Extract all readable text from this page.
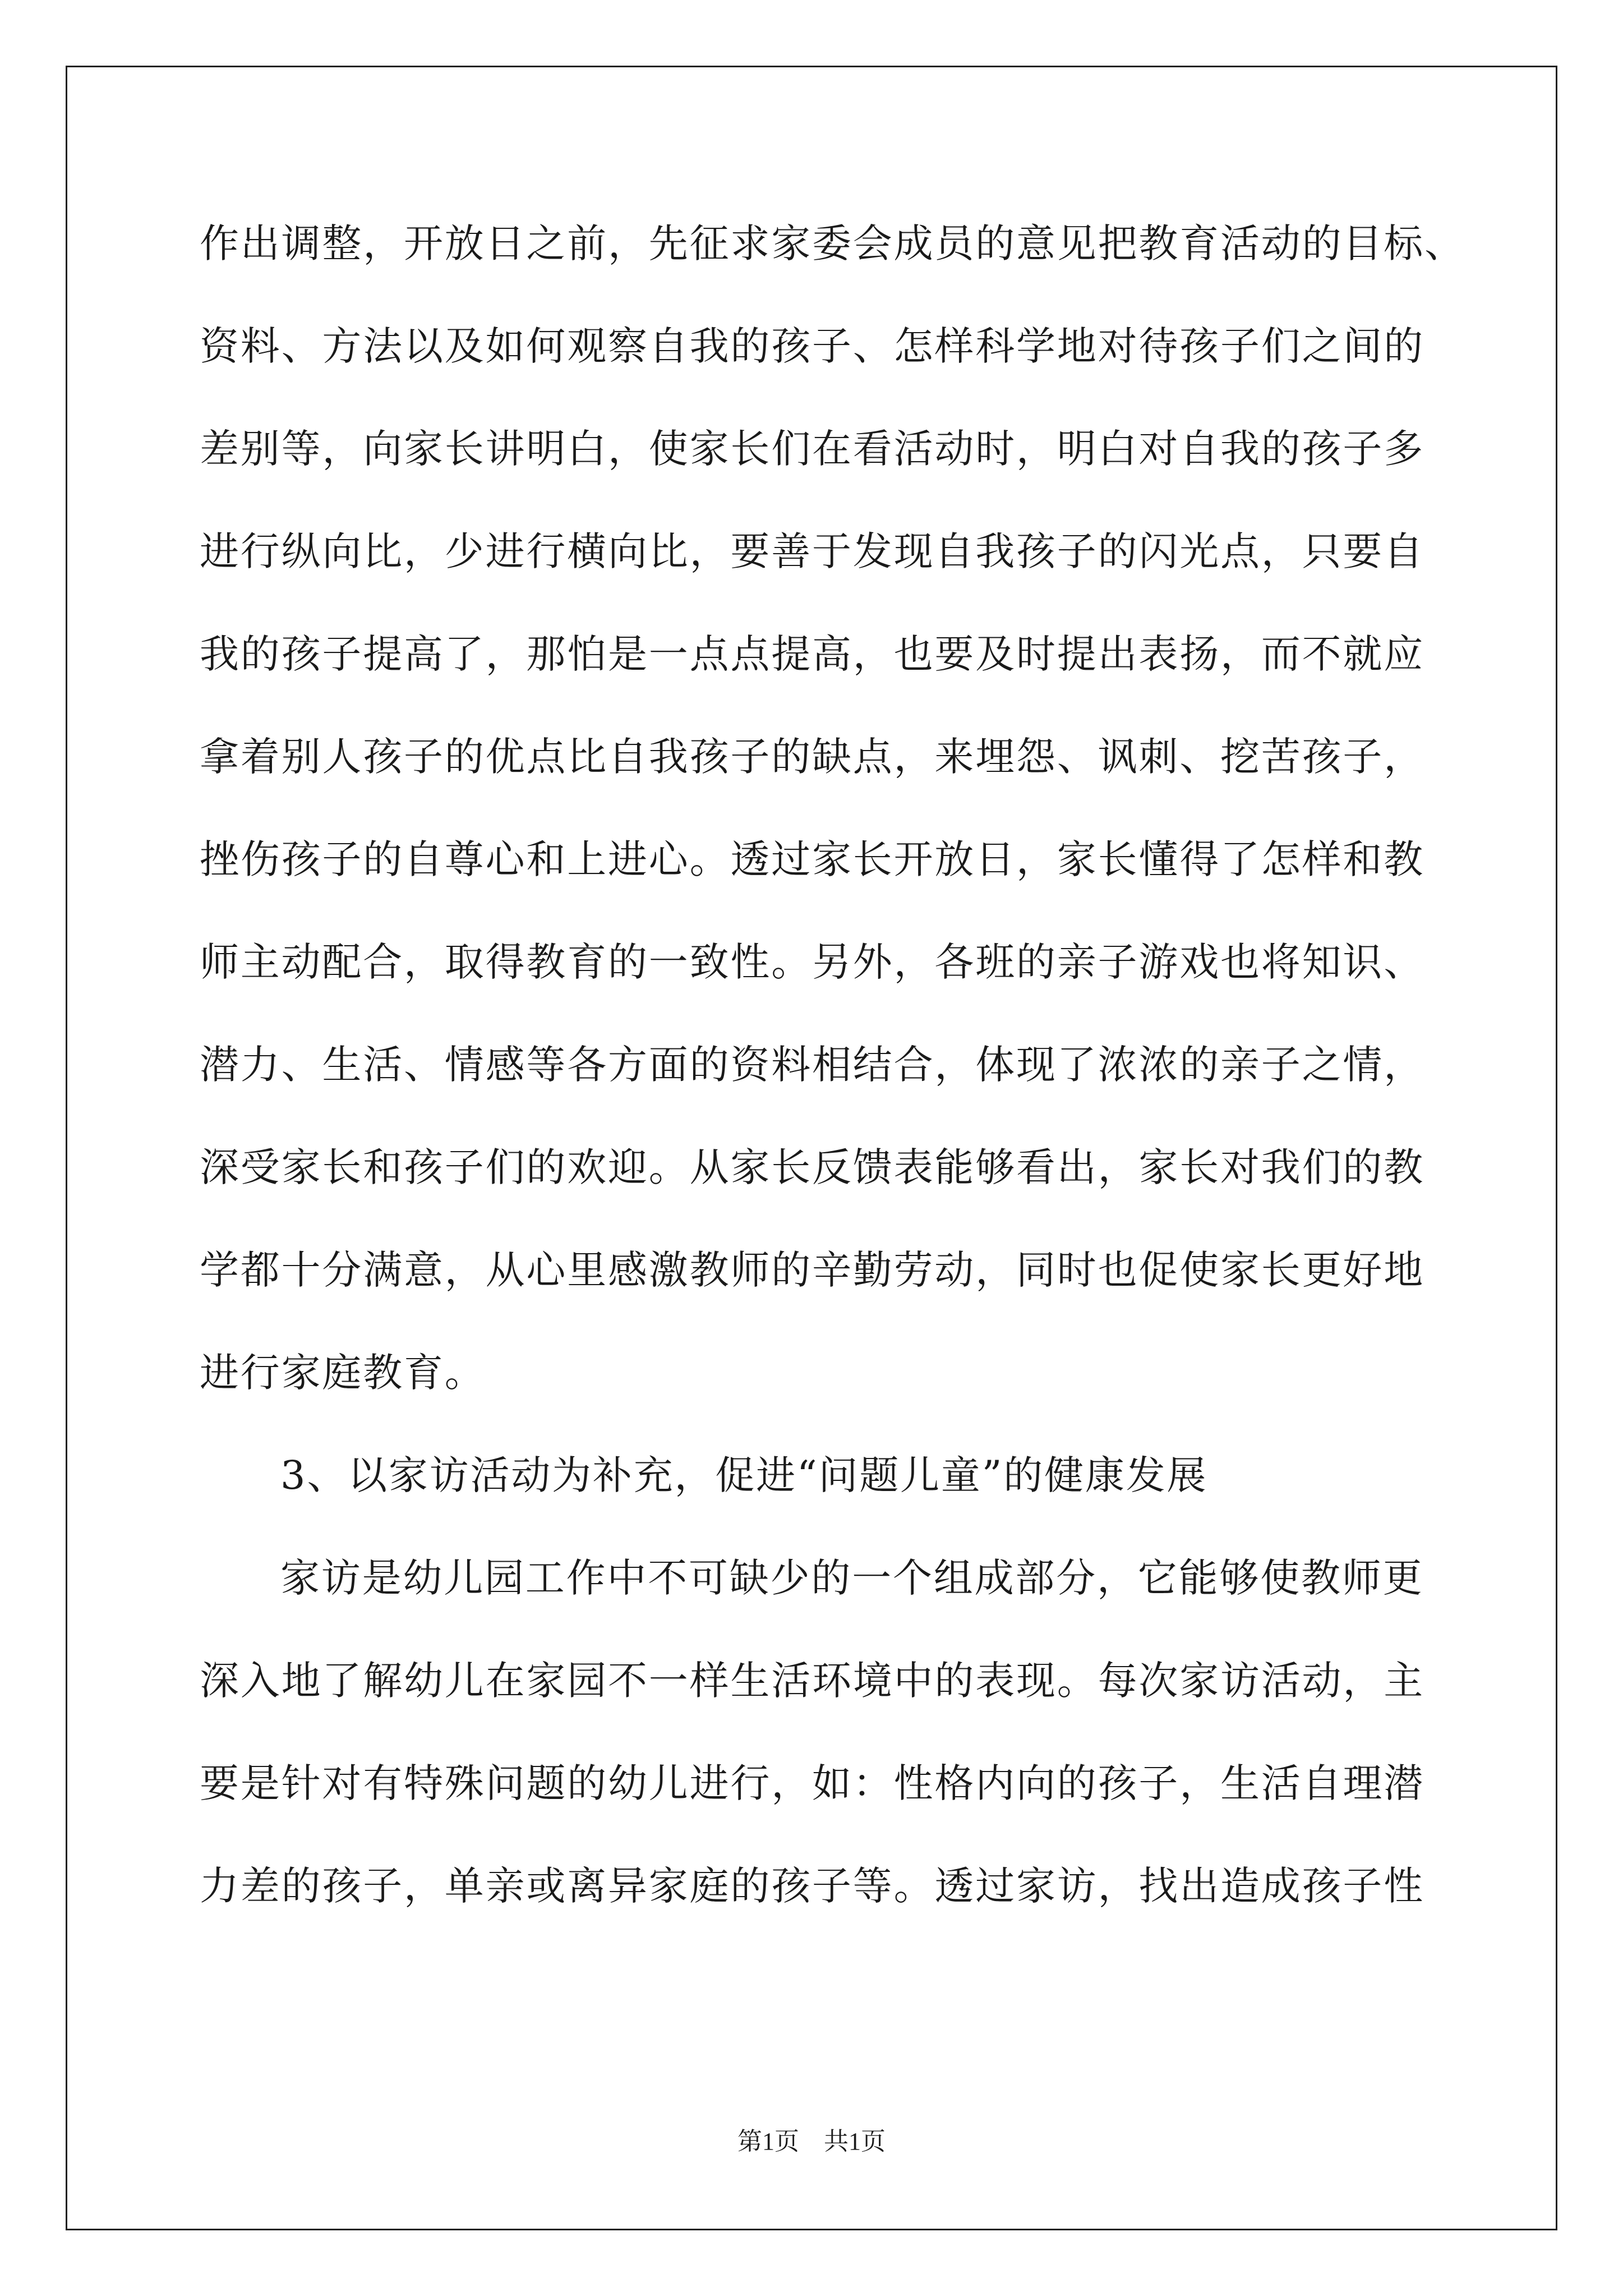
作出调整，开放日之前，先征求家委会成员的意见把教育活动的目标、
资料、方法以及如何观察自我的孩子、怎样科学地对待孩子们之间的
差别等，向家长讲明白，使家长们在看活动时，明白对自我的孩子多
进行纵向比，少进行横向比，要善于发现自我孩子的闪光点，只要自
我的孩子提高了，那怕是一点点提高，也要及时提出表扬，而不就应
拿着别人孩子的优点比自我孩子的缺点，来埋怨、讽刺、挖苦孩子，
挫伤孩子的自尊心和上进心。透过家长开放日，家长懂得了怎样和教
师主动配合，取得教育的一致性。另外，各班的亲子游戏也将知识、
潜力、生活、情感等各方面的资料相结合，体现了浓浓的亲子之情，
深受家长和孩子们的欢迎。从家长反馈表能够看出，家长对我们的教
学都十分满意，从心里感激教师的辛勤劳动，同时也促使家长更好地
进行家庭教育。
3、以家访活动为补充，促进“问题儿童”的健康发展
家访是幼儿园工作中不可缺少的一个组成部分，它能够使教师更
深入地了解幼儿在家园不一样生活环境中的表现。每次家访活动，主
要是针对有特殊问题的幼儿进行，如：性格内向的孩子，生活自理潜
力差的孩子，单亲或离异家庭的孩子等。透过家访，找出造成孩子性
第1页　共1页
